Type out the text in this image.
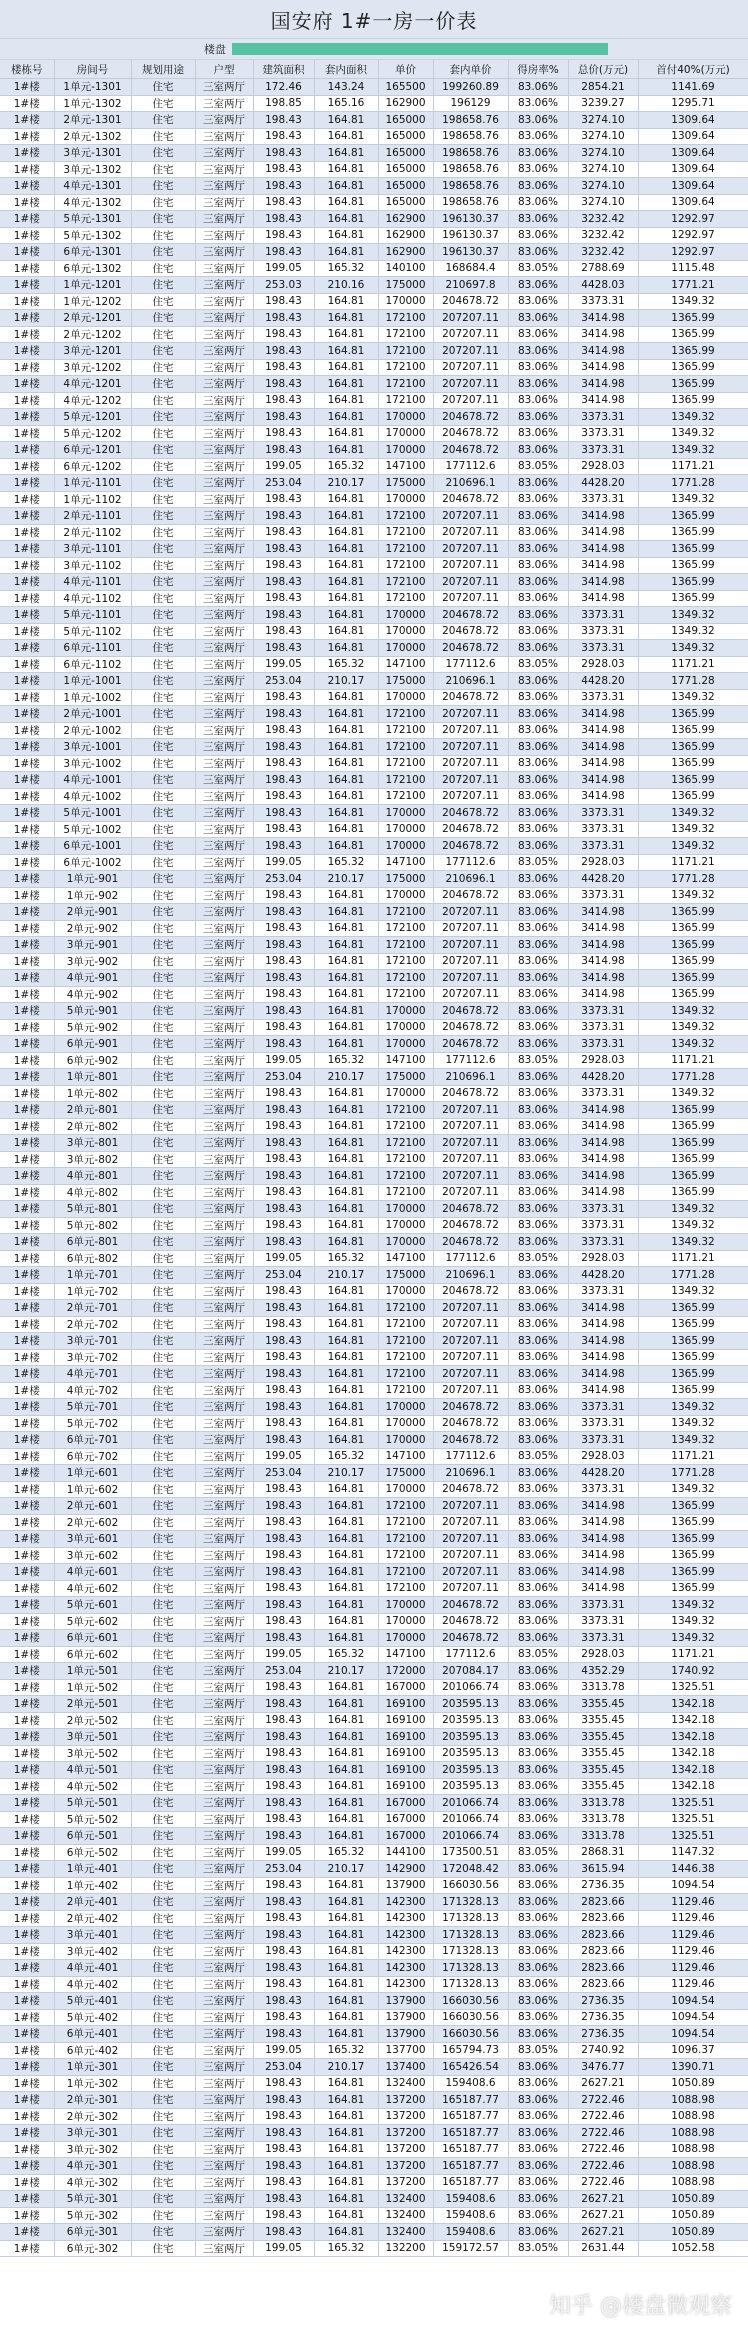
国安府 1#一房一价表
楼盘
楼栋号	房间号	规划用途	户型	建筑面积	套内面积	单价	套内单价	得房率%	总价(万元)	首付40%(万元)
1#楼	1单元-1301	住宅	三室两厅	172.46	143.24	165500	199260.89	83.06%	2854.21	1141.69
1#楼	1单元-1302	住宅	三室两厅	198.85	165.16	162900	196129	83.06%	3239.27	1295.71
1#楼	2单元-1301	住宅	三室两厅	198.43	164.81	165000	198658.76	83.06%	3274.10	1309.64
1#楼	2单元-1302	住宅	三室两厅	198.43	164.81	165000	198658.76	83.06%	3274.10	1309.64
1#楼	3单元-1301	住宅	三室两厅	198.43	164.81	165000	198658.76	83.06%	3274.10	1309.64
1#楼	3单元-1302	住宅	三室两厅	198.43	164.81	165000	198658.76	83.06%	3274.10	1309.64
1#楼	4单元-1301	住宅	三室两厅	198.43	164.81	165000	198658.76	83.06%	3274.10	1309.64
1#楼	4单元-1302	住宅	三室两厅	198.43	164.81	165000	198658.76	83.06%	3274.10	1309.64
1#楼	5单元-1301	住宅	三室两厅	198.43	164.81	162900	196130.37	83.06%	3232.42	1292.97
1#楼	5单元-1302	住宅	三室两厅	198.43	164.81	162900	196130.37	83.06%	3232.42	1292.97
1#楼	6单元-1301	住宅	三室两厅	198.43	164.81	162900	196130.37	83.06%	3232.42	1292.97
1#楼	6单元-1302	住宅	三室两厅	199.05	165.32	140100	168684.4	83.05%	2788.69	1115.48
1#楼	1单元-1201	住宅	三室两厅	253.03	210.16	175000	210697.8	83.06%	4428.03	1771.21
1#楼	1单元-1202	住宅	三室两厅	198.43	164.81	170000	204678.72	83.06%	3373.31	1349.32
1#楼	2单元-1201	住宅	三室两厅	198.43	164.81	172100	207207.11	83.06%	3414.98	1365.99
1#楼	2单元-1202	住宅	三室两厅	198.43	164.81	172100	207207.11	83.06%	3414.98	1365.99
1#楼	3单元-1201	住宅	三室两厅	198.43	164.81	172100	207207.11	83.06%	3414.98	1365.99
1#楼	3单元-1202	住宅	三室两厅	198.43	164.81	172100	207207.11	83.06%	3414.98	1365.99
1#楼	4单元-1201	住宅	三室两厅	198.43	164.81	172100	207207.11	83.06%	3414.98	1365.99
1#楼	4单元-1202	住宅	三室两厅	198.43	164.81	172100	207207.11	83.06%	3414.98	1365.99
1#楼	5单元-1201	住宅	三室两厅	198.43	164.81	170000	204678.72	83.06%	3373.31	1349.32
1#楼	5单元-1202	住宅	三室两厅	198.43	164.81	170000	204678.72	83.06%	3373.31	1349.32
1#楼	6单元-1201	住宅	三室两厅	198.43	164.81	170000	204678.72	83.06%	3373.31	1349.32
1#楼	6单元-1202	住宅	三室两厅	199.05	165.32	147100	177112.6	83.05%	2928.03	1171.21
1#楼	1单元-1101	住宅	三室两厅	253.04	210.17	175000	210696.1	83.06%	4428.20	1771.28
1#楼	1单元-1102	住宅	三室两厅	198.43	164.81	170000	204678.72	83.06%	3373.31	1349.32
1#楼	2单元-1101	住宅	三室两厅	198.43	164.81	172100	207207.11	83.06%	3414.98	1365.99
1#楼	2单元-1102	住宅	三室两厅	198.43	164.81	172100	207207.11	83.06%	3414.98	1365.99
1#楼	3单元-1101	住宅	三室两厅	198.43	164.81	172100	207207.11	83.06%	3414.98	1365.99
1#楼	3单元-1102	住宅	三室两厅	198.43	164.81	172100	207207.11	83.06%	3414.98	1365.99
1#楼	4单元-1101	住宅	三室两厅	198.43	164.81	172100	207207.11	83.06%	3414.98	1365.99
1#楼	4单元-1102	住宅	三室两厅	198.43	164.81	172100	207207.11	83.06%	3414.98	1365.99
1#楼	5单元-1101	住宅	三室两厅	198.43	164.81	170000	204678.72	83.06%	3373.31	1349.32
1#楼	5单元-1102	住宅	三室两厅	198.43	164.81	170000	204678.72	83.06%	3373.31	1349.32
1#楼	6单元-1101	住宅	三室两厅	198.43	164.81	170000	204678.72	83.06%	3373.31	1349.32
1#楼	6单元-1102	住宅	三室两厅	199.05	165.32	147100	177112.6	83.05%	2928.03	1171.21
1#楼	1单元-1001	住宅	三室两厅	253.04	210.17	175000	210696.1	83.06%	4428.20	1771.28
1#楼	1单元-1002	住宅	三室两厅	198.43	164.81	170000	204678.72	83.06%	3373.31	1349.32
1#楼	2单元-1001	住宅	三室两厅	198.43	164.81	172100	207207.11	83.06%	3414.98	1365.99
1#楼	2单元-1002	住宅	三室两厅	198.43	164.81	172100	207207.11	83.06%	3414.98	1365.99
1#楼	3单元-1001	住宅	三室两厅	198.43	164.81	172100	207207.11	83.06%	3414.98	1365.99
1#楼	3单元-1002	住宅	三室两厅	198.43	164.81	172100	207207.11	83.06%	3414.98	1365.99
1#楼	4单元-1001	住宅	三室两厅	198.43	164.81	172100	207207.11	83.06%	3414.98	1365.99
1#楼	4单元-1002	住宅	三室两厅	198.43	164.81	172100	207207.11	83.06%	3414.98	1365.99
1#楼	5单元-1001	住宅	三室两厅	198.43	164.81	170000	204678.72	83.06%	3373.31	1349.32
1#楼	5单元-1002	住宅	三室两厅	198.43	164.81	170000	204678.72	83.06%	3373.31	1349.32
1#楼	6单元-1001	住宅	三室两厅	198.43	164.81	170000	204678.72	83.06%	3373.31	1349.32
1#楼	6单元-1002	住宅	三室两厅	199.05	165.32	147100	177112.6	83.05%	2928.03	1171.21
1#楼	1单元-901	住宅	三室两厅	253.04	210.17	175000	210696.1	83.06%	4428.20	1771.28
1#楼	1单元-902	住宅	三室两厅	198.43	164.81	170000	204678.72	83.06%	3373.31	1349.32
1#楼	2单元-901	住宅	三室两厅	198.43	164.81	172100	207207.11	83.06%	3414.98	1365.99
1#楼	2单元-902	住宅	三室两厅	198.43	164.81	172100	207207.11	83.06%	3414.98	1365.99
1#楼	3单元-901	住宅	三室两厅	198.43	164.81	172100	207207.11	83.06%	3414.98	1365.99
1#楼	3单元-902	住宅	三室两厅	198.43	164.81	172100	207207.11	83.06%	3414.98	1365.99
1#楼	4单元-901	住宅	三室两厅	198.43	164.81	172100	207207.11	83.06%	3414.98	1365.99
1#楼	4单元-902	住宅	三室两厅	198.43	164.81	172100	207207.11	83.06%	3414.98	1365.99
1#楼	5单元-901	住宅	三室两厅	198.43	164.81	170000	204678.72	83.06%	3373.31	1349.32
1#楼	5单元-902	住宅	三室两厅	198.43	164.81	170000	204678.72	83.06%	3373.31	1349.32
1#楼	6单元-901	住宅	三室两厅	198.43	164.81	170000	204678.72	83.06%	3373.31	1349.32
1#楼	6单元-902	住宅	三室两厅	199.05	165.32	147100	177112.6	83.05%	2928.03	1171.21
1#楼	1单元-801	住宅	三室两厅	253.04	210.17	175000	210696.1	83.06%	4428.20	1771.28
1#楼	1单元-802	住宅	三室两厅	198.43	164.81	170000	204678.72	83.06%	3373.31	1349.32
1#楼	2单元-801	住宅	三室两厅	198.43	164.81	172100	207207.11	83.06%	3414.98	1365.99
1#楼	2单元-802	住宅	三室两厅	198.43	164.81	172100	207207.11	83.06%	3414.98	1365.99
1#楼	3单元-801	住宅	三室两厅	198.43	164.81	172100	207207.11	83.06%	3414.98	1365.99
1#楼	3单元-802	住宅	三室两厅	198.43	164.81	172100	207207.11	83.06%	3414.98	1365.99
1#楼	4单元-801	住宅	三室两厅	198.43	164.81	172100	207207.11	83.06%	3414.98	1365.99
1#楼	4单元-802	住宅	三室两厅	198.43	164.81	172100	207207.11	83.06%	3414.98	1365.99
1#楼	5单元-801	住宅	三室两厅	198.43	164.81	170000	204678.72	83.06%	3373.31	1349.32
1#楼	5单元-802	住宅	三室两厅	198.43	164.81	170000	204678.72	83.06%	3373.31	1349.32
1#楼	6单元-801	住宅	三室两厅	198.43	164.81	170000	204678.72	83.06%	3373.31	1349.32
1#楼	6单元-802	住宅	三室两厅	199.05	165.32	147100	177112.6	83.05%	2928.03	1171.21
1#楼	1单元-701	住宅	三室两厅	253.04	210.17	175000	210696.1	83.06%	4428.20	1771.28
1#楼	1单元-702	住宅	三室两厅	198.43	164.81	170000	204678.72	83.06%	3373.31	1349.32
1#楼	2单元-701	住宅	三室两厅	198.43	164.81	172100	207207.11	83.06%	3414.98	1365.99
1#楼	2单元-702	住宅	三室两厅	198.43	164.81	172100	207207.11	83.06%	3414.98	1365.99
1#楼	3单元-701	住宅	三室两厅	198.43	164.81	172100	207207.11	83.06%	3414.98	1365.99
1#楼	3单元-702	住宅	三室两厅	198.43	164.81	172100	207207.11	83.06%	3414.98	1365.99
1#楼	4单元-701	住宅	三室两厅	198.43	164.81	172100	207207.11	83.06%	3414.98	1365.99
1#楼	4单元-702	住宅	三室两厅	198.43	164.81	172100	207207.11	83.06%	3414.98	1365.99
1#楼	5单元-701	住宅	三室两厅	198.43	164.81	170000	204678.72	83.06%	3373.31	1349.32
1#楼	5单元-702	住宅	三室两厅	198.43	164.81	170000	204678.72	83.06%	3373.31	1349.32
1#楼	6单元-701	住宅	三室两厅	198.43	164.81	170000	204678.72	83.06%	3373.31	1349.32
1#楼	6单元-702	住宅	三室两厅	199.05	165.32	147100	177112.6	83.05%	2928.03	1171.21
1#楼	1单元-601	住宅	三室两厅	253.04	210.17	175000	210696.1	83.06%	4428.20	1771.28
1#楼	1单元-602	住宅	三室两厅	198.43	164.81	170000	204678.72	83.06%	3373.31	1349.32
1#楼	2单元-601	住宅	三室两厅	198.43	164.81	172100	207207.11	83.06%	3414.98	1365.99
1#楼	2单元-602	住宅	三室两厅	198.43	164.81	172100	207207.11	83.06%	3414.98	1365.99
1#楼	3单元-601	住宅	三室两厅	198.43	164.81	172100	207207.11	83.06%	3414.98	1365.99
1#楼	3单元-602	住宅	三室两厅	198.43	164.81	172100	207207.11	83.06%	3414.98	1365.99
1#楼	4单元-601	住宅	三室两厅	198.43	164.81	172100	207207.11	83.06%	3414.98	1365.99
1#楼	4单元-602	住宅	三室两厅	198.43	164.81	172100	207207.11	83.06%	3414.98	1365.99
1#楼	5单元-601	住宅	三室两厅	198.43	164.81	170000	204678.72	83.06%	3373.31	1349.32
1#楼	5单元-602	住宅	三室两厅	198.43	164.81	170000	204678.72	83.06%	3373.31	1349.32
1#楼	6单元-601	住宅	三室两厅	198.43	164.81	170000	204678.72	83.06%	3373.31	1349.32
1#楼	6单元-602	住宅	三室两厅	199.05	165.32	147100	177112.6	83.05%	2928.03	1171.21
1#楼	1单元-501	住宅	三室两厅	253.04	210.17	172000	207084.17	83.06%	4352.29	1740.92
1#楼	1单元-502	住宅	三室两厅	198.43	164.81	167000	201066.74	83.06%	3313.78	1325.51
1#楼	2单元-501	住宅	三室两厅	198.43	164.81	169100	203595.13	83.06%	3355.45	1342.18
1#楼	2单元-502	住宅	三室两厅	198.43	164.81	169100	203595.13	83.06%	3355.45	1342.18
1#楼	3单元-501	住宅	三室两厅	198.43	164.81	169100	203595.13	83.06%	3355.45	1342.18
1#楼	3单元-502	住宅	三室两厅	198.43	164.81	169100	203595.13	83.06%	3355.45	1342.18
1#楼	4单元-501	住宅	三室两厅	198.43	164.81	169100	203595.13	83.06%	3355.45	1342.18
1#楼	4单元-502	住宅	三室两厅	198.43	164.81	169100	203595.13	83.06%	3355.45	1342.18
1#楼	5单元-501	住宅	三室两厅	198.43	164.81	167000	201066.74	83.06%	3313.78	1325.51
1#楼	5单元-502	住宅	三室两厅	198.43	164.81	167000	201066.74	83.06%	3313.78	1325.51
1#楼	6单元-501	住宅	三室两厅	198.43	164.81	167000	201066.74	83.06%	3313.78	1325.51
1#楼	6单元-502	住宅	三室两厅	199.05	165.32	144100	173500.51	83.05%	2868.31	1147.32
1#楼	1单元-401	住宅	三室两厅	253.04	210.17	142900	172048.42	83.06%	3615.94	1446.38
1#楼	1单元-402	住宅	三室两厅	198.43	164.81	137900	166030.56	83.06%	2736.35	1094.54
1#楼	2单元-401	住宅	三室两厅	198.43	164.81	142300	171328.13	83.06%	2823.66	1129.46
1#楼	2单元-402	住宅	三室两厅	198.43	164.81	142300	171328.13	83.06%	2823.66	1129.46
1#楼	3单元-401	住宅	三室两厅	198.43	164.81	142300	171328.13	83.06%	2823.66	1129.46
1#楼	3单元-402	住宅	三室两厅	198.43	164.81	142300	171328.13	83.06%	2823.66	1129.46
1#楼	4单元-401	住宅	三室两厅	198.43	164.81	142300	171328.13	83.06%	2823.66	1129.46
1#楼	4单元-402	住宅	三室两厅	198.43	164.81	142300	171328.13	83.06%	2823.66	1129.46
1#楼	5单元-401	住宅	三室两厅	198.43	164.81	137900	166030.56	83.06%	2736.35	1094.54
1#楼	5单元-402	住宅	三室两厅	198.43	164.81	137900	166030.56	83.06%	2736.35	1094.54
1#楼	6单元-401	住宅	三室两厅	198.43	164.81	137900	166030.56	83.06%	2736.35	1094.54
1#楼	6单元-402	住宅	三室两厅	199.05	165.32	137700	165794.73	83.05%	2740.92	1096.37
1#楼	1单元-301	住宅	三室两厅	253.04	210.17	137400	165426.54	83.06%	3476.77	1390.71
1#楼	1单元-302	住宅	三室两厅	198.43	164.81	132400	159408.6	83.06%	2627.21	1050.89
1#楼	2单元-301	住宅	三室两厅	198.43	164.81	137200	165187.77	83.06%	2722.46	1088.98
1#楼	2单元-302	住宅	三室两厅	198.43	164.81	137200	165187.77	83.06%	2722.46	1088.98
1#楼	3单元-301	住宅	三室两厅	198.43	164.81	137200	165187.77	83.06%	2722.46	1088.98
1#楼	3单元-302	住宅	三室两厅	198.43	164.81	137200	165187.77	83.06%	2722.46	1088.98
1#楼	4单元-301	住宅	三室两厅	198.43	164.81	137200	165187.77	83.06%	2722.46	1088.98
1#楼	4单元-302	住宅	三室两厅	198.43	164.81	137200	165187.77	83.06%	2722.46	1088.98
1#楼	5单元-301	住宅	三室两厅	198.43	164.81	132400	159408.6	83.06%	2627.21	1050.89
1#楼	5单元-302	住宅	三室两厅	198.43	164.81	132400	159408.6	83.06%	2627.21	1050.89
1#楼	6单元-301	住宅	三室两厅	198.43	164.81	132400	159408.6	83.06%	2627.21	1050.89
1#楼	6单元-302	住宅	三室两厅	199.05	165.32	132200	159172.57	83.05%	2631.44	1052.58
知乎 @楼盘微观察
